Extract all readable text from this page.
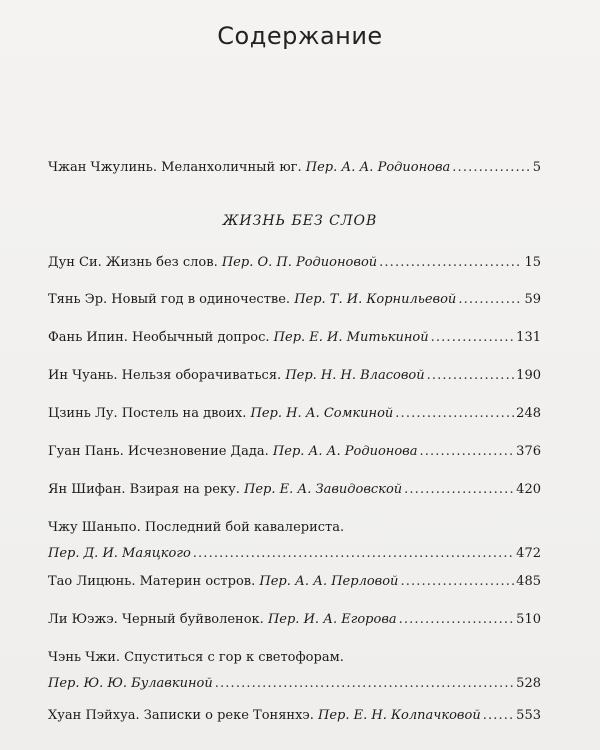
Содержание
Чжан Чжулинь. Меланхоличный юг. Пер. А. А. Родионова . . .	5
ЖИЗНЬ БЕЗ СЛОВ
Дун Си. Жизнь без слов. Пер. О. П. Родионовой . . .	15
Тянь Эр. Новый год в одиночестве. Пер. Т. И. Корнильевой . . .	59
Фань Ипин. Необычный допрос. Пер. Е. И. Митькиной . . .	131
Ин Чуань. Нельзя оборачиваться. Пер. Н. Н. Власовой . . .	190
Цзинь Лу. Постель на двоих. Пер. Н. А. Сомкиной . . .	248
Гуан Пань. Исчезновение Дада. Пер. А. А. Родионова . . .	376
Ян Шифан. Взирая на реку. Пер. Е. А. Завидовской . . .	420
Чжу Шаньпо. Последний бой кавалериста.
Пер. Д. И. Маяцкого . . .	472
Тао Лицюнь. Материн остров. Пер. А. А. Перловой . . .	485
Ли Юэжэ. Черный буйволенок. Пер. И. А. Егорова . . .	510
Чэнь Чжи. Спуститься с гор к светофорам.
Пер. Ю. Ю. Булавкиной . . .	528
Хуан Пэйхуа. Записки о реке Тонянхэ. Пер. Е. Н. Колпачковой . . .	553
